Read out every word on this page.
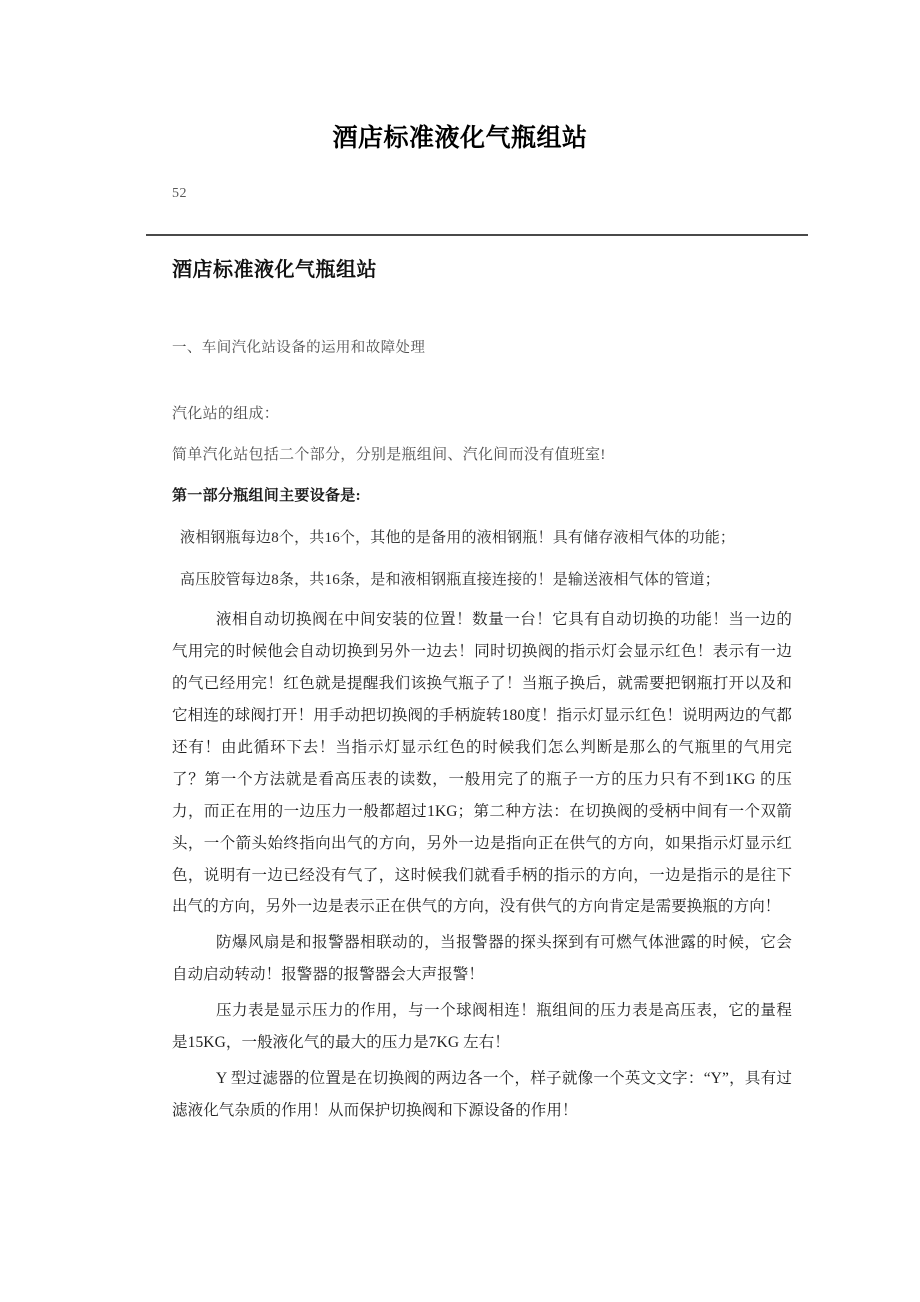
酒店标准液化气瓶组站
52
酒店标准液化气瓶组站

一、车间汽化站设备的运用和故障处理

汽化站的组成：

简单汽化站包括二个部分，分别是瓶组间、汽化间而没有值班室!

第一部分瓶组间主要设备是:

液相钢瓶每边8个，共16个，其他的是备用的液相钢瓶！具有储存液相气体的功能；

高压胶管每边8条，共16条，是和液相钢瓶直接连接的！是输送液相气体的管道；

液相自动切换阀在中间安装的位置！数量一台！它具有自动切换的功能！当一边的气用完的时候他会自动切换到另外一边去！同时切换阀的指示灯会显示红色！表示有一边的气已经用完！红色就是提醒我们该换气瓶子了！当瓶子换后，就需要把钢瓶打开以及和它相连的球阀打开！用手动把切换阀的手柄旋转180度！指示灯显示红色！说明两边的气都还有！由此循环下去！当指示灯显示红色的时候我们怎么判断是那么的气瓶里的气用完了？第一个方法就是看高压表的读数，一般用完了的瓶子一方的压力只有不到1KG 的压力，而正在用的一边压力一般都超过1KG；第二种方法：在切换阀的受柄中间有一个双箭头，一个箭头始终指向出气的方向，另外一边是指向正在供气的方向，如果指示灯显示红色，说明有一边已经没有气了，这时候我们就看手柄的指示的方向，一边是指示的是往下出气的方向，另外一边是表示正在供气的方向，没有供气的方向肯定是需要换瓶的方向！

防爆风扇是和报警器相联动的，当报警器的探头探到有可燃气体泄露的时候，它会自动启动转动！报警器的报警器会大声报警！

压力表是显示压力的作用，与一个球阀相连！瓶组间的压力表是高压表，它的量程是15KG，一般液化气的最大的压力是7KG 左右！

Y 型过滤器的位置是在切换阀的两边各一个，样子就像一个英文文字：“Y”，具有过滤液化气杂质的作用！从而保护切换阀和下源设备的作用！
